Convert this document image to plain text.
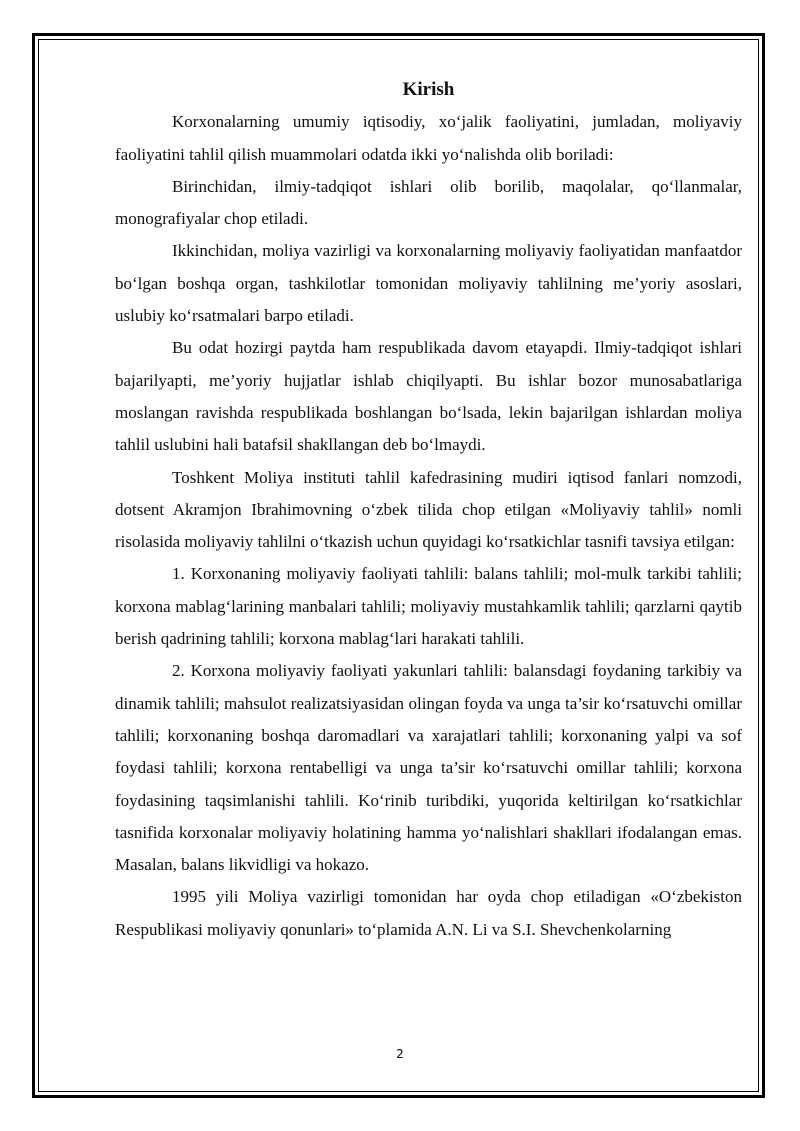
Kirish

Korxonalarning umumiy iqtisodiy, xo‘jalik faoliyatini, jumladan, moliyaviy faoliyatini tahlil qilish muammolari odatda ikki yo‘nalishda olib boriladi:

Birinchidan, ilmiy-tadqiqot ishlari olib borilib, maqolalar, qo‘llanmalar, monografiyalar chop etiladi.

Ikkinchidan, moliya vazirligi va korxonalarning moliyaviy faoliyatidan manfaatdor bo‘lgan boshqa organ, tashkilotlar tomonidan moliyaviy tahlilning me’yoriy asoslari, uslubiy ko‘rsatmalari barpo etiladi.

Bu odat hozirgi paytda ham respublikada davom etayapdi. Ilmiy-tadqiqot ishlari bajarilyapti, me’yoriy hujjatlar ishlab chiqilyapti. Bu ishlar bozor munosabatlariga moslangan ravishda respublikada boshlangan bo‘lsada, lekin bajarilgan ishlardan moliya tahlil uslubini hali batafsil shakllangan deb bo‘lmaydi.

Toshkent Moliya instituti tahlil kafedrasining mudiri iqtisod fanlari nomzodi, dotsent Akramjon Ibrahimovning o‘zbek tilida chop etilgan «Moliyaviy tahlil» nomli risolasida moliyaviy tahlilni o‘tkazish uchun quyidagi ko‘rsatkichlar tasnifi tavsiya etilgan:

1. Korxonaning moliyaviy faoliyati tahlili: balans tahlili; mol-mulk tarkibi tahlili; korxona mablag‘larining manbalari tahlili; moliyaviy mustahkamlik tahlili; qarzlarni qaytib berish qadrining tahlili; korxona mablag‘lari harakati tahlili.

2. Korxona moliyaviy faoliyati yakunlari tahlili: balansdagi foydaning tarkibiy va dinamik tahlili; mahsulot realizatsiyasidan olingan foyda va unga ta’sir ko‘rsatuvchi omillar tahlili; korxonaning boshqa daromadlari va xarajatlari tahlili; korxonaning yalpi va sof foydasi tahlili; korxona rentabelligi va unga ta’sir ko‘rsatuvchi omillar tahlili; korxona foydasining taqsimlanishi tahlili. Ko‘rinib turibdiki, yuqorida keltirilgan ko‘rsatkichlar tasnifida korxonalar moliyaviy holatining hamma yo‘nalishlari shakllari ifodalangan emas. Masalan, balans likvidligi va hokazo.

1995 yili Moliya vazirligi tomonidan har oyda chop etiladigan «O‘zbekiston Respublikasi moliyaviy qonunlari» to‘plamida A.N. Li va S.I. Shevchenkolarning

2
